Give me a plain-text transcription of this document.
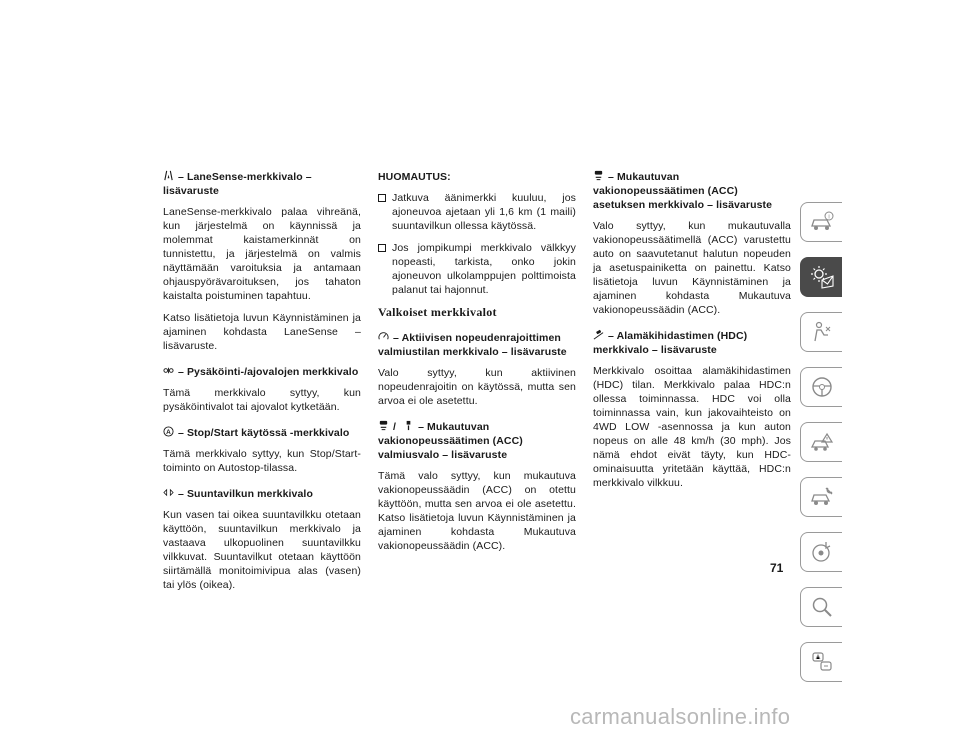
– LaneSense-merkkivalo – lisävaruste
LaneSense-merkkivalo palaa vihreänä, kun järjestelmä on käynnissä ja molemmat kaistamerkinnät on tunnistettu, ja järjestelmä on valmis näyttämään varoituksia ja antamaan ohjauspyörävaroituksen, jos tahaton kaistalta poistuminen tapahtuu.
Katso lisätietoja luvun Käynnistäminen ja ajaminen kohdasta LaneSense – lisävaruste.
– Pysäköinti-/ajovalojen merkkivalo
Tämä merkkivalo syttyy, kun pysäköintivalot tai ajovalot kytketään.
A – Stop/Start käytössä -merkkivalo
Tämä merkkivalo syttyy, kun Stop/Start-toiminto on Autostop-tilassa.
– Suuntavilkun merkkivalo
Kun vasen tai oikea suuntavilkku otetaan käyttöön, suuntavilkun merkkivalo ja vastaava ulkopuolinen suuntavilkku vilkkuvat. Suuntavilkut otetaan käyttöön siirtämällä monitoimivipua alas (vasen) tai ylös (oikea).
HUOMAUTUS:
Jatkuva äänimerkki kuuluu, jos ajoneuvoa ajetaan yli 1,6 km (1 maili) suuntavilkun ollessa käytössä.
Jos jompikumpi merkkivalo välkkyy nopeasti, tarkista, onko jokin ajoneuvon ulkolamppujen polttimoista palanut tai hajonnut.
Valkoiset merkkivalot
– Aktiivisen nopeudenrajoittimen valmiustilan merkkivalo – lisävaruste
Valo syttyy, kun aktiivinen nopeudenrajoitin on käytössä, mutta sen arvoa ei ole asetettu.
/ – Mukautuvan vakionopeussäätimen (ACC) valmiusvalo – lisävaruste
Tämä valo syttyy, kun mukautuva vakionopeussäädin (ACC) on otettu käyttöön, mutta sen arvoa ei ole asetettu. Katso lisätietoja luvun Käynnistäminen ja ajaminen kohdasta Mukautuva vakionopeussäädin (ACC).
– Mukautuvan vakionopeussäätimen (ACC) asetuksen merkkivalo – lisävaruste
Valo syttyy, kun mukautuvalla vakionopeussäätimellä (ACC) varustettu auto on saavutetanut halutun nopeuden ja asetuspainiketta on painettu. Katso lisätietoja luvun Käynnistäminen ja ajaminen kohdasta Mukautuva vakionopeussäädin (ACC).
– Alamäkihidastimen (HDC) merkkivalo – lisävaruste
Merkkivalo osoittaa alamäkihidastimen (HDC) tilan. Merkkivalo palaa HDC:n ollessa toiminnassa. HDC voi olla toiminnassa vain, kun jakovaihteisto on 4WD LOW -asennossa ja kun auton nopeus on alle 48 km/h (30 mph). Jos nämä ehdot eivät täyty, kun HDC-ominaisuutta yritetään käyttää, HDC:n merkkivalo vilkkuu.
i
71
carmanualsonline.info
